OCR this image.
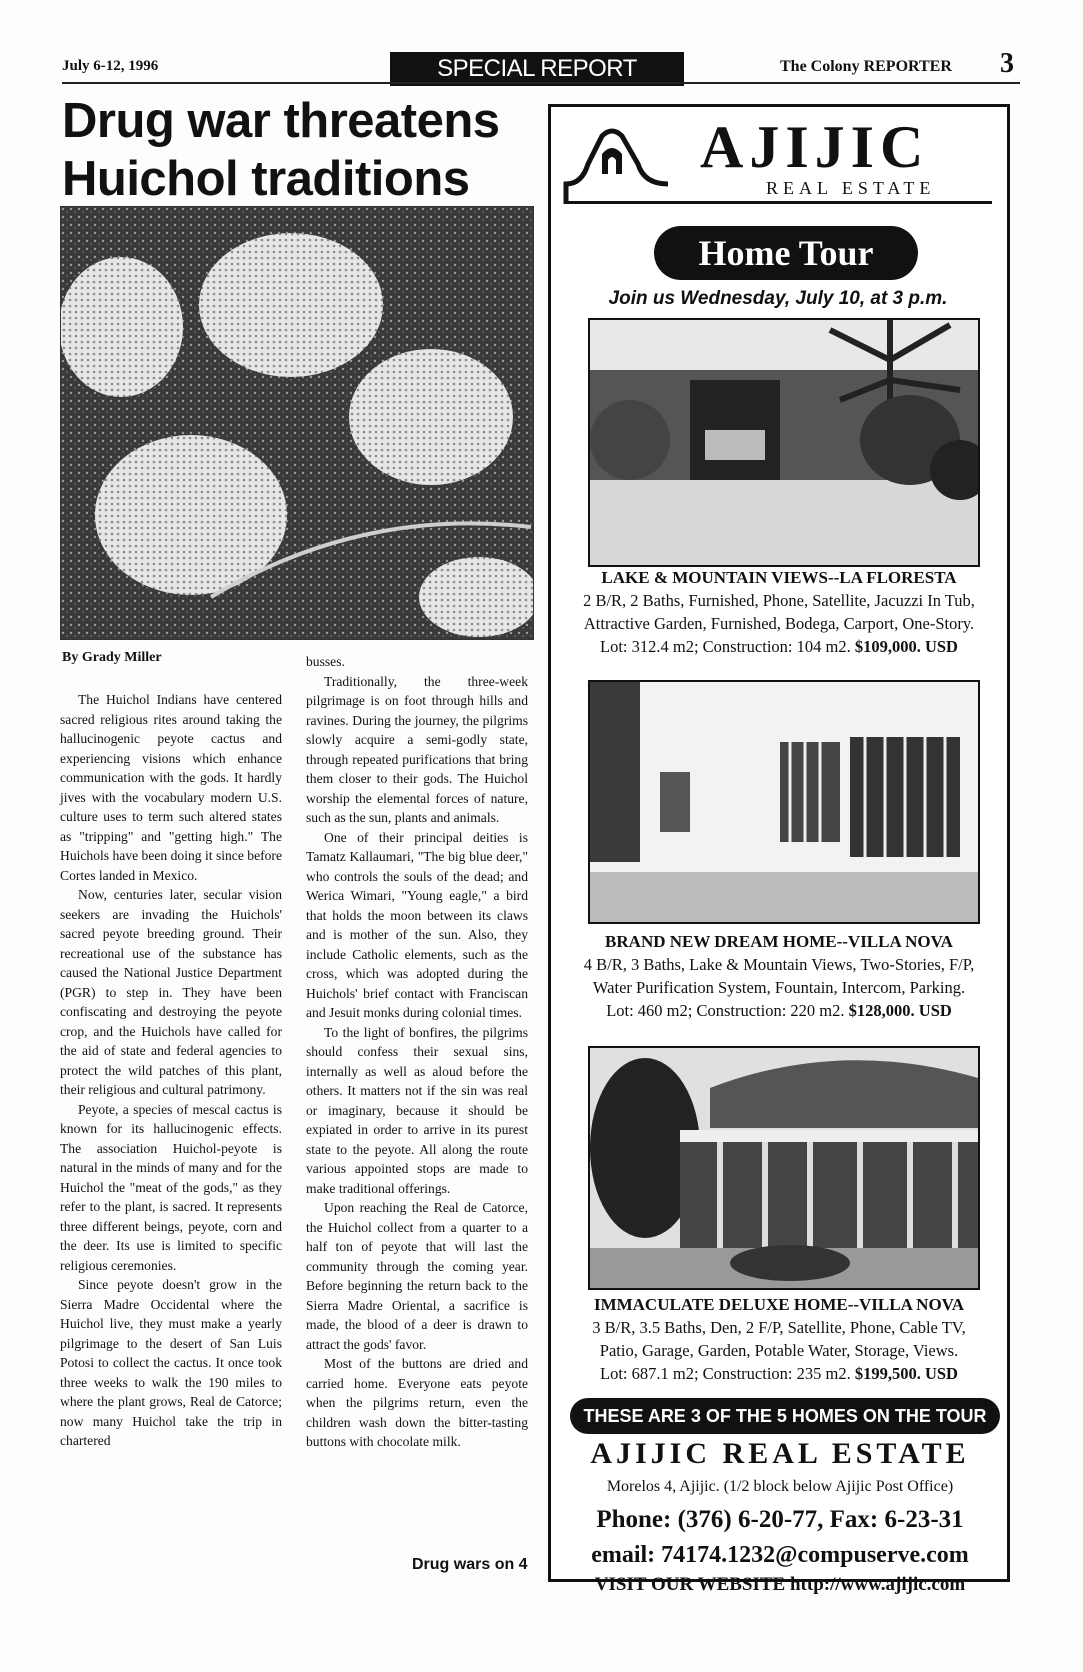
July 6-12, 1996	SPECIAL REPORT	The Colony REPORTER 3
Drug war threatens
Huichol traditions
By Grady Miller

The Huichol Indians have centered sacred religious rites around taking the hallucinogenic peyote cactus and experiencing visions which enhance communication with the gods. It hardly jives with the vocabulary modern U.S. culture uses to term such altered states as "tripping" and "getting high." The Huichols have been doing it since before Cortes landed in Mexico.

Now, centuries later, secular vision seekers are invading the Huichols' sacred peyote breeding ground. Their recreational use of the substance has caused the National Justice Department (PGR) to step in. They have been confiscating and destroying the peyote crop, and the Huichols have called for the aid of state and federal agencies to protect the wild patches of this plant, their religious and cultural patrimony.

Peyote, a species of mescal cactus is known for its hallucinogenic effects. The association Huichol-peyote is natural in the minds of many and for the Huichol the "meat of the gods," as they refer to the plant, is sacred. It represents three different beings, peyote, corn and the deer. Its use is limited to specific religious ceremonies.

Since peyote doesn't grow in the Sierra Madre Occidental where the Huichol live, they must make a yearly pilgrimage to the desert of San Luis Potosi to collect the cactus. It once took three weeks to walk the 190 miles to where the plant grows, Real de Catorce; now many Huichol take the trip in chartered

busses.

Traditionally, the three-week pilgrimage is on foot through hills and ravines. During the journey, the pilgrims slowly acquire a semi-godly state, through repeated purifications that bring them closer to their gods. The Huichol worship the elemental forces of nature, such as the sun, plants and animals.

One of their principal deities is Tamatz Kallaumari, "The big blue deer," who controls the souls of the dead; and Werica Wimari, "Young eagle," a bird that holds the moon between its claws and is mother of the sun. Also, they include Catholic elements, such as the cross, which was adopted during the Huichols' brief contact with Franciscan and Jesuit monks during colonial times.

To the light of bonfires, the pilgrims should confess their sexual sins, internally as well as aloud before the others. It matters not if the sin was real or imaginary, because it should be expiated in order to arrive in its purest state to the peyote. All along the route various appointed stops are made to make traditional offerings.

Upon reaching the Real de Catorce, the Huichol collect from a quarter to a half ton of peyote that will last the community through the coming year. Before beginning the return back to the Sierra Madre Oriental, a sacrifice is made, the blood of a deer is drawn to attract the gods' favor.

Most of the buttons are dried and carried home. Everyone eats peyote when the pilgrims return, even the children wash down the bitter-tasting buttons with chocolate milk.

Drug wars on 4
AJIJIC
REAL ESTATE
Home Tour
Join us Wednesday, July 10, at 3 p.m.
LAKE & MOUNTAIN VIEWS--LA FLORESTA
2 B/R, 2 Baths, Furnished, Phone, Satellite, Jacuzzi In Tub,
Attractive Garden, Furnished, Bodega, Carport, One-Story.
Lot: 312.4 m2; Construction: 104 m2. $109,000. USD
BRAND NEW DREAM HOME--VILLA NOVA
4 B/R, 3 Baths, Lake & Mountain Views, Two-Stories, F/P,
Water Purification System, Fountain, Intercom, Parking.
Lot: 460 m2; Construction: 220 m2. $128,000. USD
IMMACULATE DELUXE HOME--VILLA NOVA
3 B/R, 3.5 Baths, Den, 2 F/P, Satellite, Phone, Cable TV,
Patio, Garage, Garden, Potable Water, Storage, Views.
Lot: 687.1 m2; Construction: 235 m2. $199,500. USD
THESE ARE 3 OF THE 5 HOMES ON THE TOUR
AJIJIC REAL ESTATE
Morelos 4, Ajijic. (1/2 block below Ajijic Post Office)
Phone: (376) 6-20-77, Fax: 6-23-31
email: 74174.1232@compuserve.com
VISIT OUR WEBSITE http://www.ajijic.com
